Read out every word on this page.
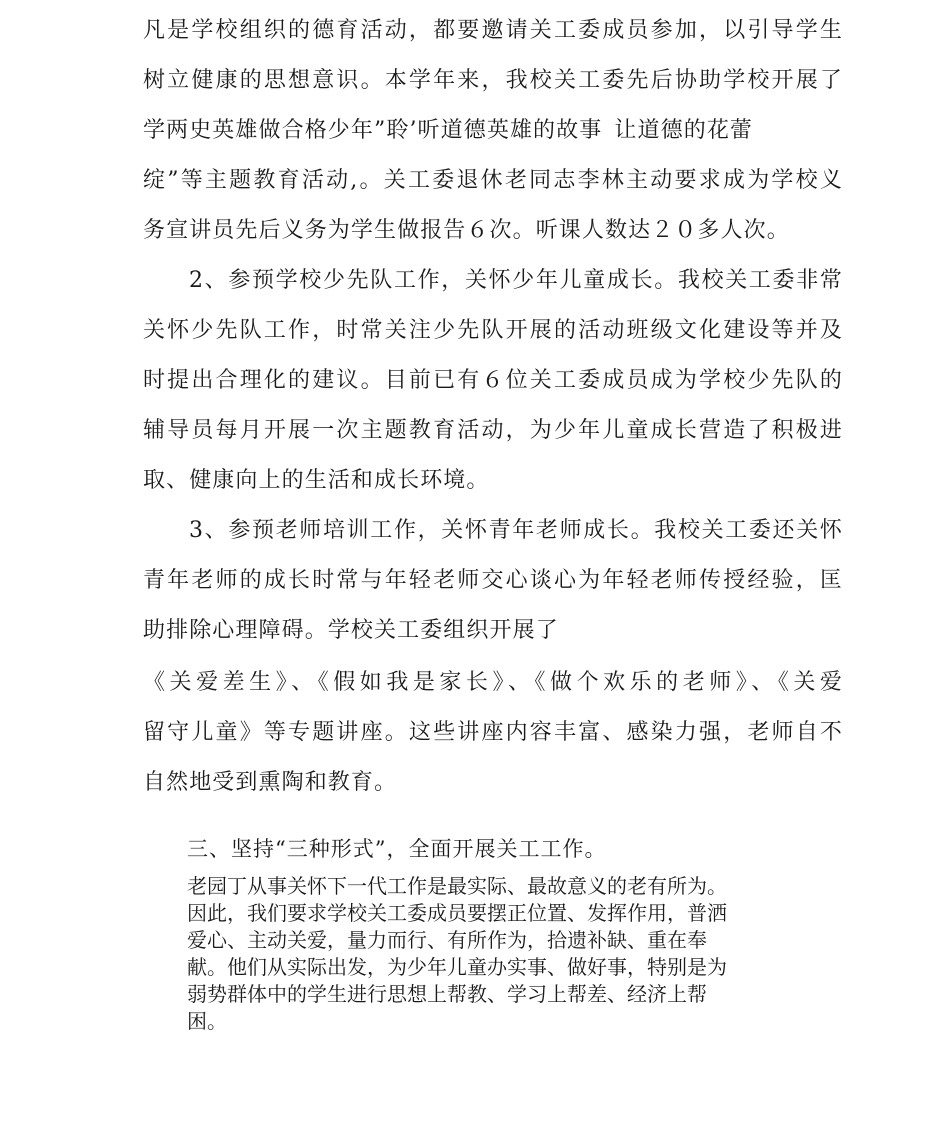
凡是学校组织的德育活动，都要邀请关工委成员参加，以引导学生
树立健康的思想意识。本学年来，我校关工委先后协助学校开展了
学两史英雄做合格少年”聆’听道德英雄的故事 让道德的花蕾
绽”等主题教育活动,。关工委退休老同志李林主动要求成为学校义
务宣讲员先后义务为学生做报告６次。听课人数达２０多人次。
2、参预学校少先队工作，关怀少年儿童成长。我校关工委非常
关怀少先队工作，时常关注少先队开展的活动班级文化建设等并及
时提出合理化的建议。目前已有６位关工委成员成为学校少先队的
辅导员每月开展一次主题教育活动，为少年儿童成长营造了积极进
取、健康向上的生活和成长环境。
3、参预老师培训工作，关怀青年老师成长。我校关工委还关怀
青年老师的成长时常与年轻老师交心谈心为年轻老师传授经验，匡
助排除心理障碍。学校关工委组织开展了
《关爱差生》、《假如我是家长》、《做个欢乐的老师》、《关爱
留守儿童》等专题讲座。这些讲座内容丰富、感染力强，老师自不
自然地受到熏陶和教育。
三、坚持“三种形式”，全面开展关工工作。
老园丁从事关怀下一代工作是最实际、最故意义的老有所为。
因此，我们要求学校关工委成员要摆正位置、发挥作用，普洒
爱心、主动关爱，量力而行、有所作为，拾遗补缺、重在奉
献。他们从实际出发，为少年儿童办实事、做好事，特别是为
弱势群体中的学生进行思想上帮教、学习上帮差、经济上帮
困。
